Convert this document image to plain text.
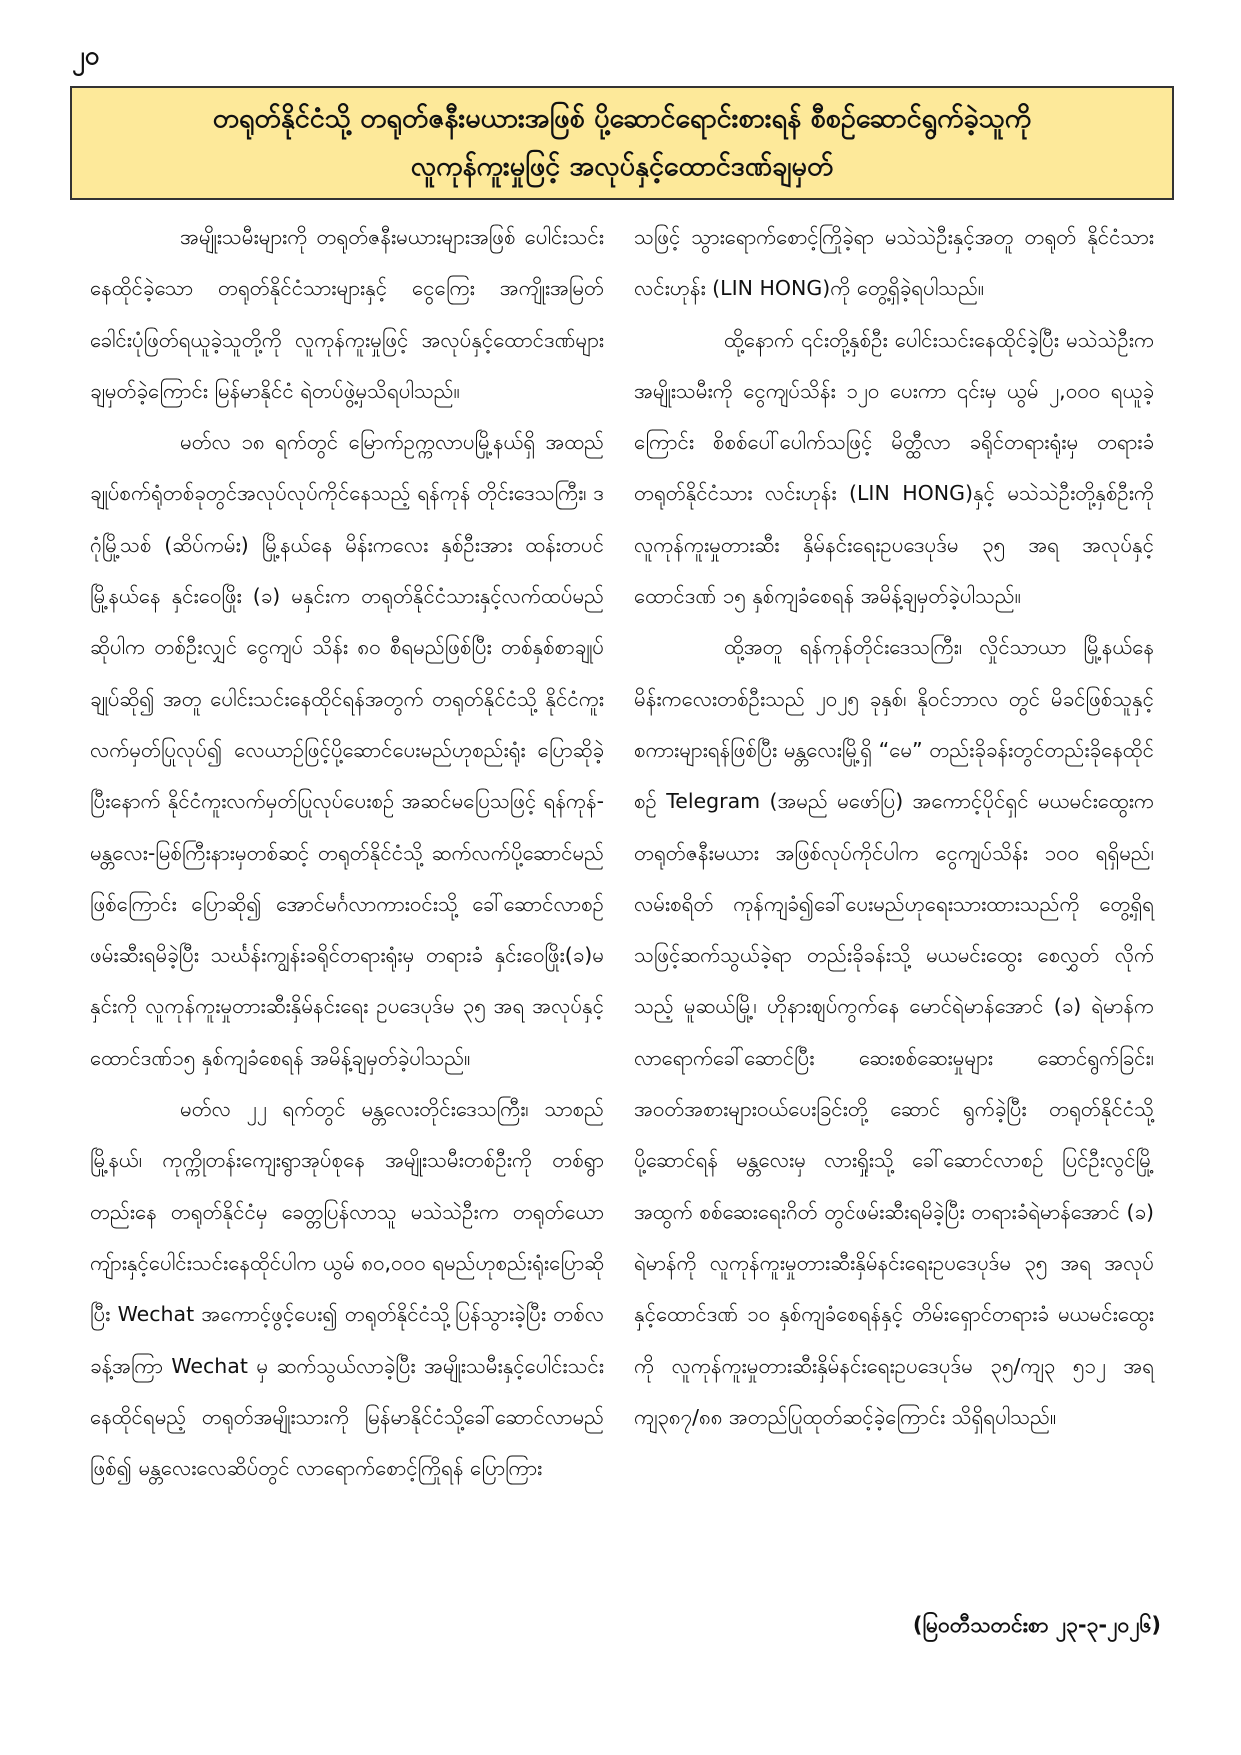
၂၀
တရုတ်နိုင်ငံသို့ တရုတ်ဇနီးမယားအဖြစ် ပို့ဆောင်ရောင်းစားရန် စီစဉ်ဆောင်ရွက်ခဲ့သူကို
လူကုန်ကူးမှုဖြင့် အလုပ်နှင့်ထောင်ဒဏ်ချမှတ်

အမျိုးသမီးများကို တရုတ်ဇနီးမယားများအဖြစ် ပေါင်းသင်းနေထိုင်ခဲ့သော တရုတ်နိုင်ငံသားများနှင့် ငွေကြေး အကျိုးအမြတ်ခေါင်းပုံဖြတ်ရယူခဲ့သူတို့ကို လူကုန်ကူးမှုဖြင့် အလုပ်နှင့်ထောင်ဒဏ်များချမှတ်ခဲ့ကြောင်း မြန်မာနိုင်ငံ ရဲတပ်ဖွဲ့မှသိရပါသည်။

မတ်လ ၁၈ ရက်တွင် မြောက်ဥက္ကလာပမြို့နယ်ရှိ အထည်ချုပ်စက်ရုံတစ်ခုတွင်အလုပ်လုပ်ကိုင်နေသည့် ရန်ကုန် တိုင်းဒေသကြီး၊ ဒဂုံမြို့သစ် (ဆိပ်ကမ်း) မြို့နယ်နေ မိန်းကလေး နှစ်ဦးအား ထန်းတပင်မြို့နယ်နေ နှင်းဝေဖြိုး (ခ) မနှင်းက တရုတ်နိုင်ငံသားနှင့်လက်ထပ်မည်ဆိုပါက တစ်ဦးလျှင် ငွေကျပ် သိန်း ၈၀ စီရမည်ဖြစ်ပြီး တစ်နှစ်စာချုပ် ချုပ်ဆို၍ အတူ ပေါင်းသင်းနေထိုင်ရန်အတွက် တရုတ်နိုင်ငံသို့ နိုင်ငံကူး လက်မှတ်ပြုလုပ်၍ လေယာဉ်ဖြင့်ပို့ဆောင်ပေးမည်ဟုစည်းရုံး ပြောဆိုခဲ့ပြီးနောက် နိုင်ငံကူးလက်မှတ်ပြုလုပ်ပေးစဉ် အဆင်မပြေသဖြင့် ရန်ကုန်-မန္တလေး-မြစ်ကြီးနားမှတစ်ဆင့် တရုတ်နိုင်ငံသို့ ဆက်လက်ပို့ဆောင်မည်ဖြစ်ကြောင်း ပြောဆို၍ အောင်မင်္ဂလာကားဝင်းသို့ ခေါ်ဆောင်လာစဉ် ဖမ်းဆီးရမိခဲ့ပြီး သင်္ဃန်းကျွန်းခရိုင်တရားရုံးမှ တရားခံ နှင်းဝေဖြိုး(ခ)မနှင်းကို လူကုန်ကူးမှုတားဆီးနှိမ်နင်းရေး ဥပဒေပုဒ်မ ၃၅ အရ အလုပ်နှင့် ထောင်ဒဏ်၁၅ နှစ်ကျခံစေရန် အမိန့်ချမှတ်ခဲ့ပါသည်။

မတ်လ ၂၂ ရက်တွင် မန္တလေးတိုင်းဒေသကြီး၊ သာစည် မြို့နယ်၊ ကုက္ကိုတန်းကျေးရွာအုပ်စုနေ အမျိုးသမီးတစ်ဦးကို တစ်ရွာတည်းနေ တရုတ်နိုင်ငံမှ ခေတ္တပြန်လာသူ မသဲသဲဦးက တရုတ်ယောကျ်ားနှင့်ပေါင်းသင်းနေထိုင်ပါက ယွမ် ၈၀,၀၀၀ ရမည်ဟုစည်းရုံးပြောဆိုပြီး Wechat အကောင့်ဖွင့်ပေး၍ တရုတ်နိုင်ငံသို့ပြန်သွားခဲ့ပြီး တစ်လခန့်အကြာ Wechat မှ ဆက်သွယ်လာခဲ့ပြီး အမျိုးသမီးနှင့်ပေါင်းသင်းနေထိုင်ရမည့် တရုတ်အမျိုးသားကို မြန်မာနိုင်ငံသို့ခေါ်ဆောင်လာမည်ဖြစ်၍ မန္တလေးလေဆိပ်တွင် လာရောက်စောင့်ကြိုရန် ပြောကြား

သဖြင့် သွားရောက်စောင့်ကြိုခဲ့ရာ မသဲသဲဦးနှင့်အတူ တရုတ် နိုင်ငံသား လင်းဟုန်း (LIN HONG)ကို တွေ့ရှိခဲ့ရပါသည်။

ထို့နောက် ၎င်းတို့နှစ်ဦး ပေါင်းသင်းနေထိုင်ခဲ့ပြီး မသဲသဲဦးက အမျိုးသမီးကို ငွေကျပ်သိန်း ၁၂၀ ပေးကာ ၎င်းမှ ယွမ် ၂,၀၀၀ ရယူခဲ့ကြောင်း စိစစ်ပေါ်ပေါက်သဖြင့် မိတ္ထီလာ ခရိုင်တရားရုံးမှ တရားခံတရုတ်နိုင်ငံသား လင်းဟုန်း (LIN HONG)နှင့် မသဲသဲဦးတို့နှစ်ဦးကို လူကုန်ကူးမှုတားဆီး နှိမ်နင်းရေးဥပဒေပုဒ်မ ၃၅ အရ အလုပ်နှင့်ထောင်ဒဏ် ၁၅ နှစ်ကျခံစေရန် အမိန့်ချမှတ်ခဲ့ပါသည်။

ထို့အတူ ရန်ကုန်တိုင်းဒေသကြီး၊ လှိုင်သာယာ မြို့နယ်နေ မိန်းကလေးတစ်ဦးသည် ၂၀၂၅ ခုနှစ်၊ နိုဝင်ဘာလ တွင် မိခင်ဖြစ်သူနှင့် စကားများရန်ဖြစ်ပြီး မန္တလေးမြို့ရှိ “မေ” တည်းခိုခန်းတွင်တည်းခိုနေထိုင်စဉ် Telegram (အမည် မဖော်ပြ) အကောင့်ပိုင်ရှင် မယမင်းထွေးက တရုတ်ဇနီးမယား အဖြစ်လုပ်ကိုင်ပါက ငွေကျပ်သိန်း ၁၀၀ ရရှိမည်၊ လမ်းစရိတ် ကုန်ကျခံ၍ခေါ်ပေးမည်ဟုရေးသားထားသည်ကို တွေ့ရှိရ သဖြင့်ဆက်သွယ်ခဲ့ရာ တည်းခိုခန်းသို့ မယမင်းထွေး စေလွှတ် လိုက်သည့် မူဆယ်မြို့၊ ဟိုနားဈပ်ကွက်နေ မောင်ရဲမာန်အောင် (ခ) ရဲမာန်က လာရောက်ခေါ်ဆောင်ပြီး ဆေးစစ်ဆေးမှုများ ဆောင်ရွက်ခြင်း၊ အဝတ်အစားများဝယ်ပေးခြင်းတို့ ဆောင် ရွက်ခဲ့ပြီး တရုတ်နိုင်ငံသို့ပို့ဆောင်ရန် မန္တလေးမှ လားရှိုးသို့ ခေါ်ဆောင်လာစဉ် ပြင်ဦးလွင်မြို့အထွက် စစ်ဆေးရေးဂိတ် တွင်ဖမ်းဆီးရမိခဲ့ပြီး တရားခံရဲမာန်အောင် (ခ) ရဲမာန်ကို လူကုန်ကူးမှုတားဆီးနှိမ်နင်းရေးဥပဒေပုဒ်မ ၃၅ အရ အလုပ် နှင့်ထောင်ဒဏ် ၁၀ နှစ်ကျခံစေရန်နှင့် တိမ်းရှောင်တရားခံ မယမင်းထွေးကို လူကုန်ကူးမှုတားဆီးနှိမ်နင်းရေးဥပဒေပုဒ်မ ၃၅/ကျ၃ ၅၁၂ အရ ကျ၃၈၇/၈၈ အတည်ပြုထုတ်ဆင့်ခဲ့ကြောင်း သိရှိရပါသည်။

(မြဝတီသတင်းစာ ၂၃-၃-၂၀၂၆)
